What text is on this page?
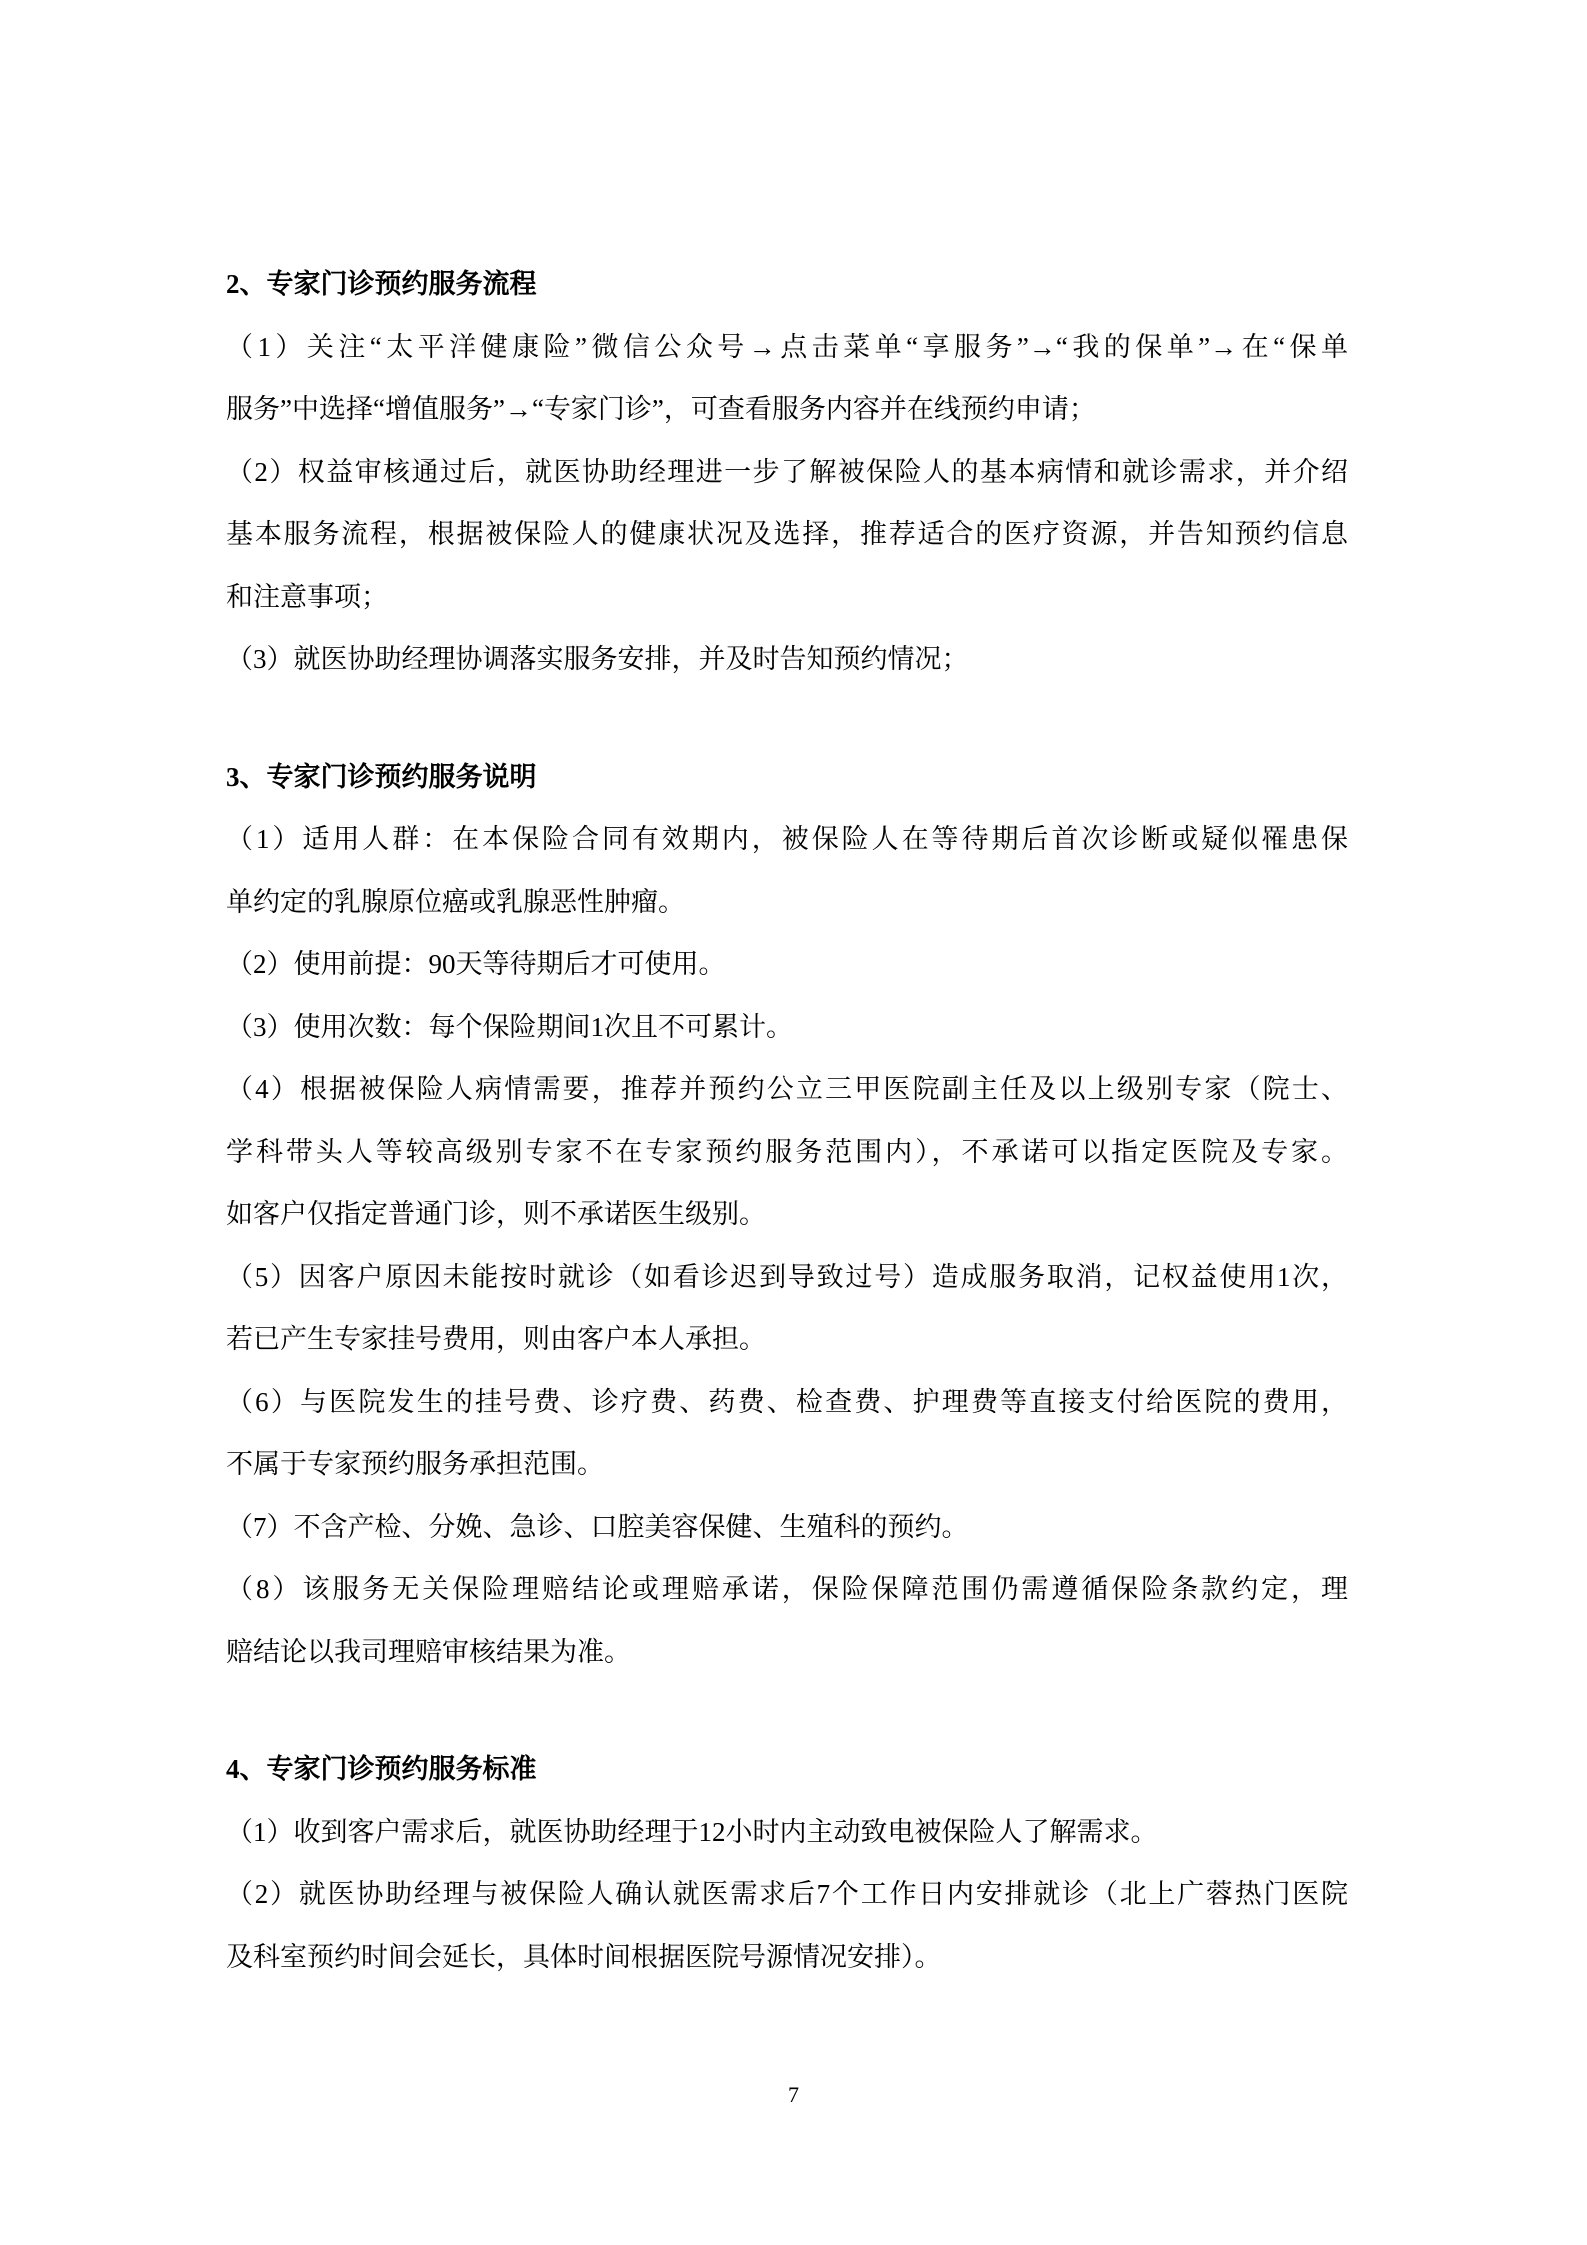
2、专家门诊预约服务流程
（1）关注“太平洋健康险”微信公众号→点击菜单“享服务”→“我的保单”→在“保单
服务”中选择“增值服务”→“专家门诊”，可查看服务内容并在线预约申请；
（2）权益审核通过后，就医协助经理进一步了解被保险人的基本病情和就诊需求，并介绍
基本服务流程，根据被保险人的健康状况及选择，推荐适合的医疗资源，并告知预约信息
和注意事项；
（3）就医协助经理协调落实服务安排，并及时告知预约情况；
3、专家门诊预约服务说明
（1）适用人群：在本保险合同有效期内，被保险人在等待期后首次诊断或疑似罹患保
单约定的乳腺原位癌或乳腺恶性肿瘤。
（2）使用前提：90天等待期后才可使用。
（3）使用次数：每个保险期间1次且不可累计。
（4）根据被保险人病情需要，推荐并预约公立三甲医院副主任及以上级别专家（院士、
学科带头人等较高级别专家不在专家预约服务范围内），不承诺可以指定医院及专家。
如客户仅指定普通门诊，则不承诺医生级别。
（5）因客户原因未能按时就诊（如看诊迟到导致过号）造成服务取消，记权益使用1次，
若已产生专家挂号费用，则由客户本人承担。
（6）与医院发生的挂号费、诊疗费、药费、检查费、护理费等直接支付给医院的费用，
不属于专家预约服务承担范围。
（7）不含产检、分娩、急诊、口腔美容保健、生殖科的预约。
（8）该服务无关保险理赔结论或理赔承诺，保险保障范围仍需遵循保险条款约定，理
赔结论以我司理赔审核结果为准。
4、专家门诊预约服务标准
（1）收到客户需求后，就医协助经理于12小时内主动致电被保险人了解需求。
（2）就医协助经理与被保险人确认就医需求后7个工作日内安排就诊（北上广蓉热门医院
及科室预约时间会延长，具体时间根据医院号源情况安排）。
7
